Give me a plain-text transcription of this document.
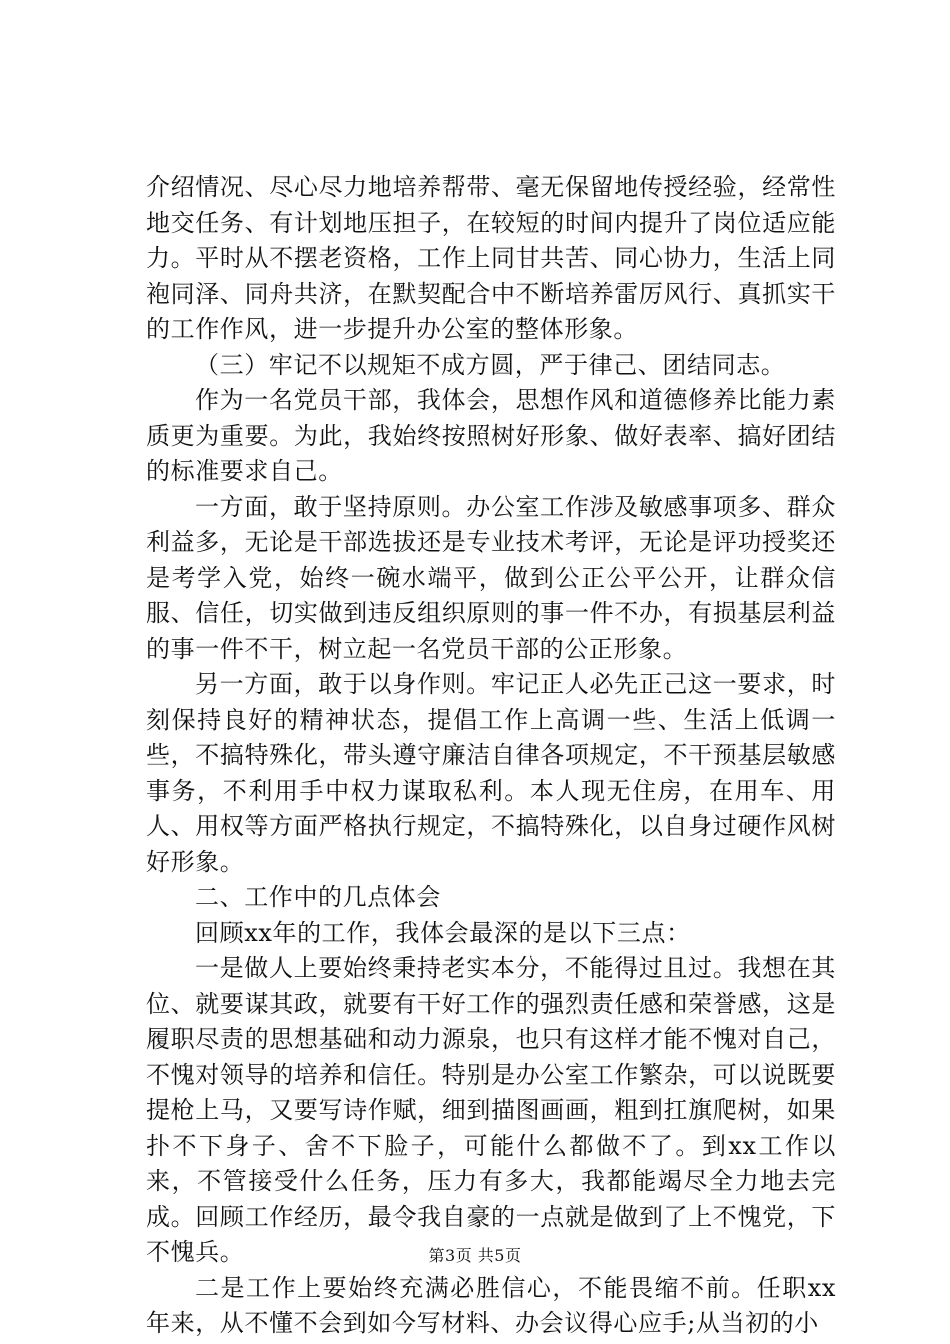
介绍情况、尽心尽力地培养帮带、毫无保留地传授经验，经常性地交任务、有计划地压担子，在较短的时间内提升了岗位适应能力。平时从不摆老资格，工作上同甘共苦、同心协力，生活上同袍同泽、同舟共济，在默契配合中不断培养雷厉风行、真抓实干的工作作风，进一步提升办公室的整体形象。

（三）牢记不以规矩不成方圆，严于律己、团结同志。

作为一名党员干部，我体会，思想作风和道德修养比能力素质更为重要。为此，我始终按照树好形象、做好表率、搞好团结的标准要求自己。

一方面，敢于坚持原则。办公室工作涉及敏感事项多、群众利益多，无论是干部选拔还是专业技术考评，无论是评功授奖还是考学入党，始终一碗水端平，做到公正公平公开，让群众信服、信任，切实做到违反组织原则的事一件不办，有损基层利益的事一件不干，树立起一名党员干部的公正形象。

另一方面，敢于以身作则。牢记正人必先正己这一要求，时刻保持良好的精神状态，提倡工作上高调一些、生活上低调一些，不搞特殊化，带头遵守廉洁自律各项规定，不干预基层敏感事务，不利用手中权力谋取私利。本人现无住房，在用车、用人、用权等方面严格执行规定，不搞特殊化，以自身过硬作风树好形象。

二、工作中的几点体会

回顾xx年的工作，我体会最深的是以下三点：

一是做人上要始终秉持老实本分，不能得过且过。我想在其位、就要谋其政，就要有干好工作的强烈责任感和荣誉感，这是履职尽责的思想基础和动力源泉，也只有这样才能不愧对自己，不愧对领导的培养和信任。特别是办公室工作繁杂，可以说既要提枪上马，又要写诗作赋，细到描图画画，粗到扛旗爬树，如果扑不下身子、舍不下脸子，可能什么都做不了。到xx工作以来，不管接受什么任务，压力有多大，我都能竭尽全力地去完成。回顾工作经历，最令我自豪的一点就是做到了上不愧党，下不愧兵。

二是工作上要始终充满必胜信心，不能畏缩不前。任职xx年来，从不懂不会到如今写材料、办会议得心应手;从当初的小

第3页 共5页
